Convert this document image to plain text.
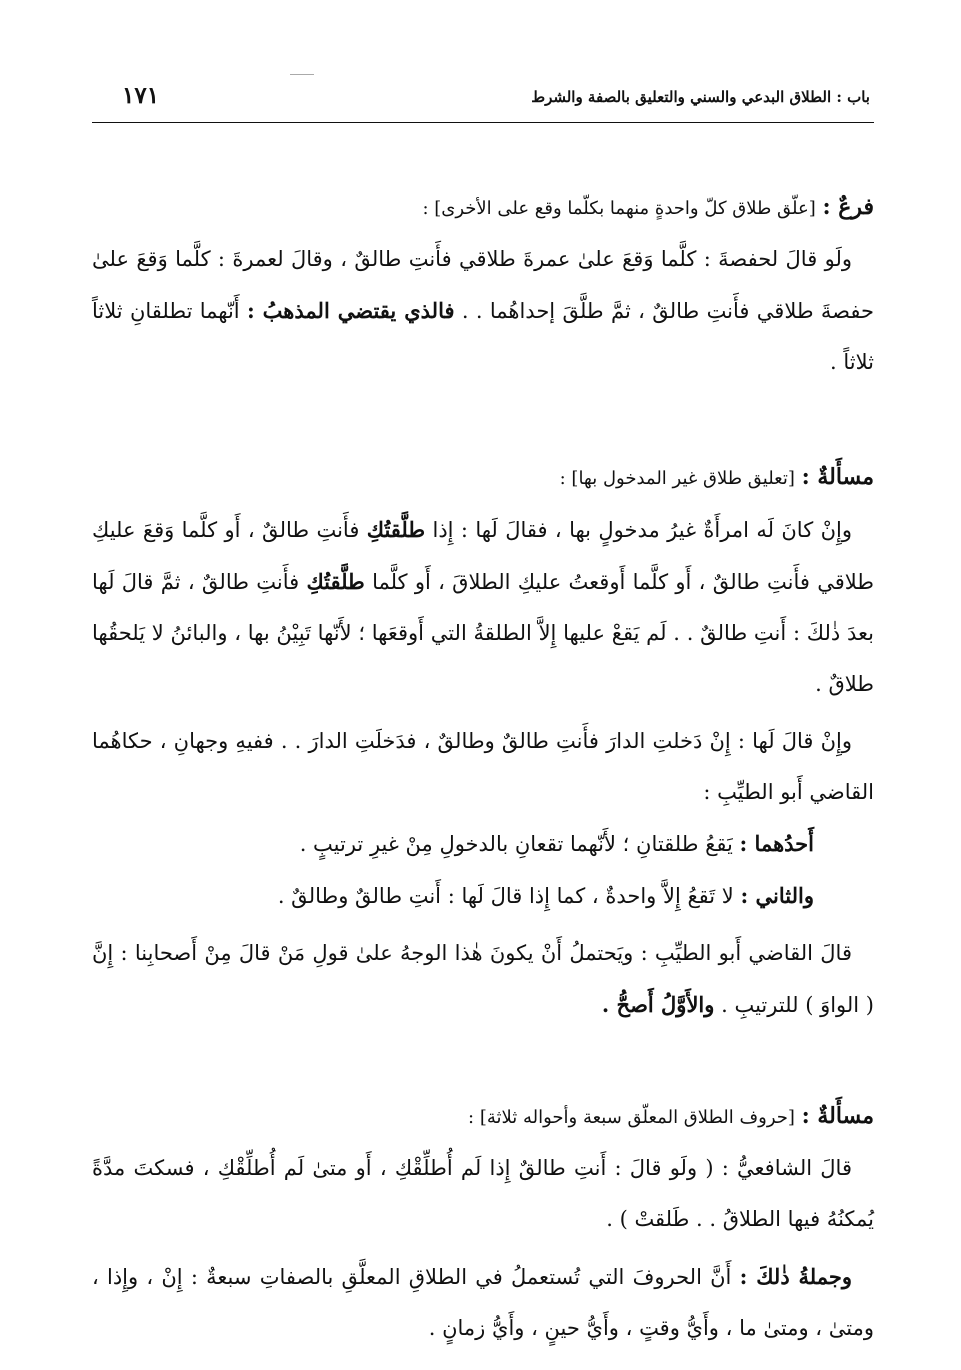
باب : الطلاق البدعي والسني والتعليق بالصفة والشرط
١٧١

فرعٌ : [علّق طلاق كلّ واحدةٍ منهما بكلّما وقع على الأخرى] :

ولَو قالَ لحفصةَ : كلَّما وَقعَ علىٰ عمرةَ طلاقي فأَنتِ طالقٌ ، وقالَ لعمرةَ : كلَّما وَقعَ علىٰ حفصةَ طلاقي فأَنتِ طالقٌ ، ثمَّ طلَّقَ إحداهُما . . فالذي يقتضي المذهبُ : أَنّهما تطلقانِ ثلاثاً ثلاثاً .

مسأَلةٌ : [تعليق طلاق غير المدخول بها] :

وإِنْ كانَ لَه امرأَةٌ غيرُ مدخولٍ بها ، فقالَ لَها : إِذا طلَّقتُكِ فأَنتِ طالقٌ ، أَو كلَّما وَقعَ عليكِ طلاقي فأَنتِ طالقٌ ، أَو كلَّما أَوقعتُ عليكِ الطلاقَ ، أَو كلَّما طلَّقتُكِ فأَنتِ طالقٌ ، ثمَّ قالَ لَها بعدَ ذٰلكَ : أَنتِ طالقٌ . . لَم يَقعْ عليها إِلاَّ الطلقةُ التي أَوقعَها ؛ لأَنّها تَبِيْنُ بها ، والبائنُ لا يَلحقُها طلاقٌ .

وإِنْ قالَ لَها : إِنْ دَخلتِ الدارَ فأَنتِ طالقٌ وطالقٌ ، فدَخلَتِ الدارَ . . ففيهِ وجهانِ ، حكاهُما القاضي أَبو الطيِّبِ :

أَحدُهما : يَقعُ طلقتانِ ؛ لأَنّهما تقعانِ بالدخولِ مِنْ غيرِ ترتيبٍ .

والثاني : لا تَقعُ إِلاَّ واحدةٌ ، كما إِذا قالَ لَها : أَنتِ طالقٌ وطالقٌ .

قالَ القاضي أَبو الطيِّبِ : ويَحتملُ أَنْ يكونَ هٰذا الوجهُ علىٰ قولِ مَنْ قالَ مِنْ أَصحابِنا : إِنَّ ( الواوَ ) للترتيبِ . والأَوَّلُ أَصحُّ .

مسأَلةٌ : [حروف الطلاق المعلّق سبعة وأحواله ثلاثة] :

قالَ الشافعيُّ : ( ولَو قالَ : أَنتِ طالقٌ إِذا لَم أُطلِّقْكِ ، أَو متىٰ لَم أُطلِّقْكِ ، فسكتَ مدَّةً يُمكنُهُ فيها الطلاقُ . . طَلقتْ ) .

وجملةُ ذٰلكَ : أَنَّ الحروفَ التي تُستعملُ في الطلاقِ المعلَّقِ بالصفاتِ سبعةٌ : إِنْ ، وإِذا ، ومتىٰ ، ومتىٰ ما ، وأَيُّ وقتٍ ، وأَيُّ حينٍ ، وأَيُّ زمانٍ .
